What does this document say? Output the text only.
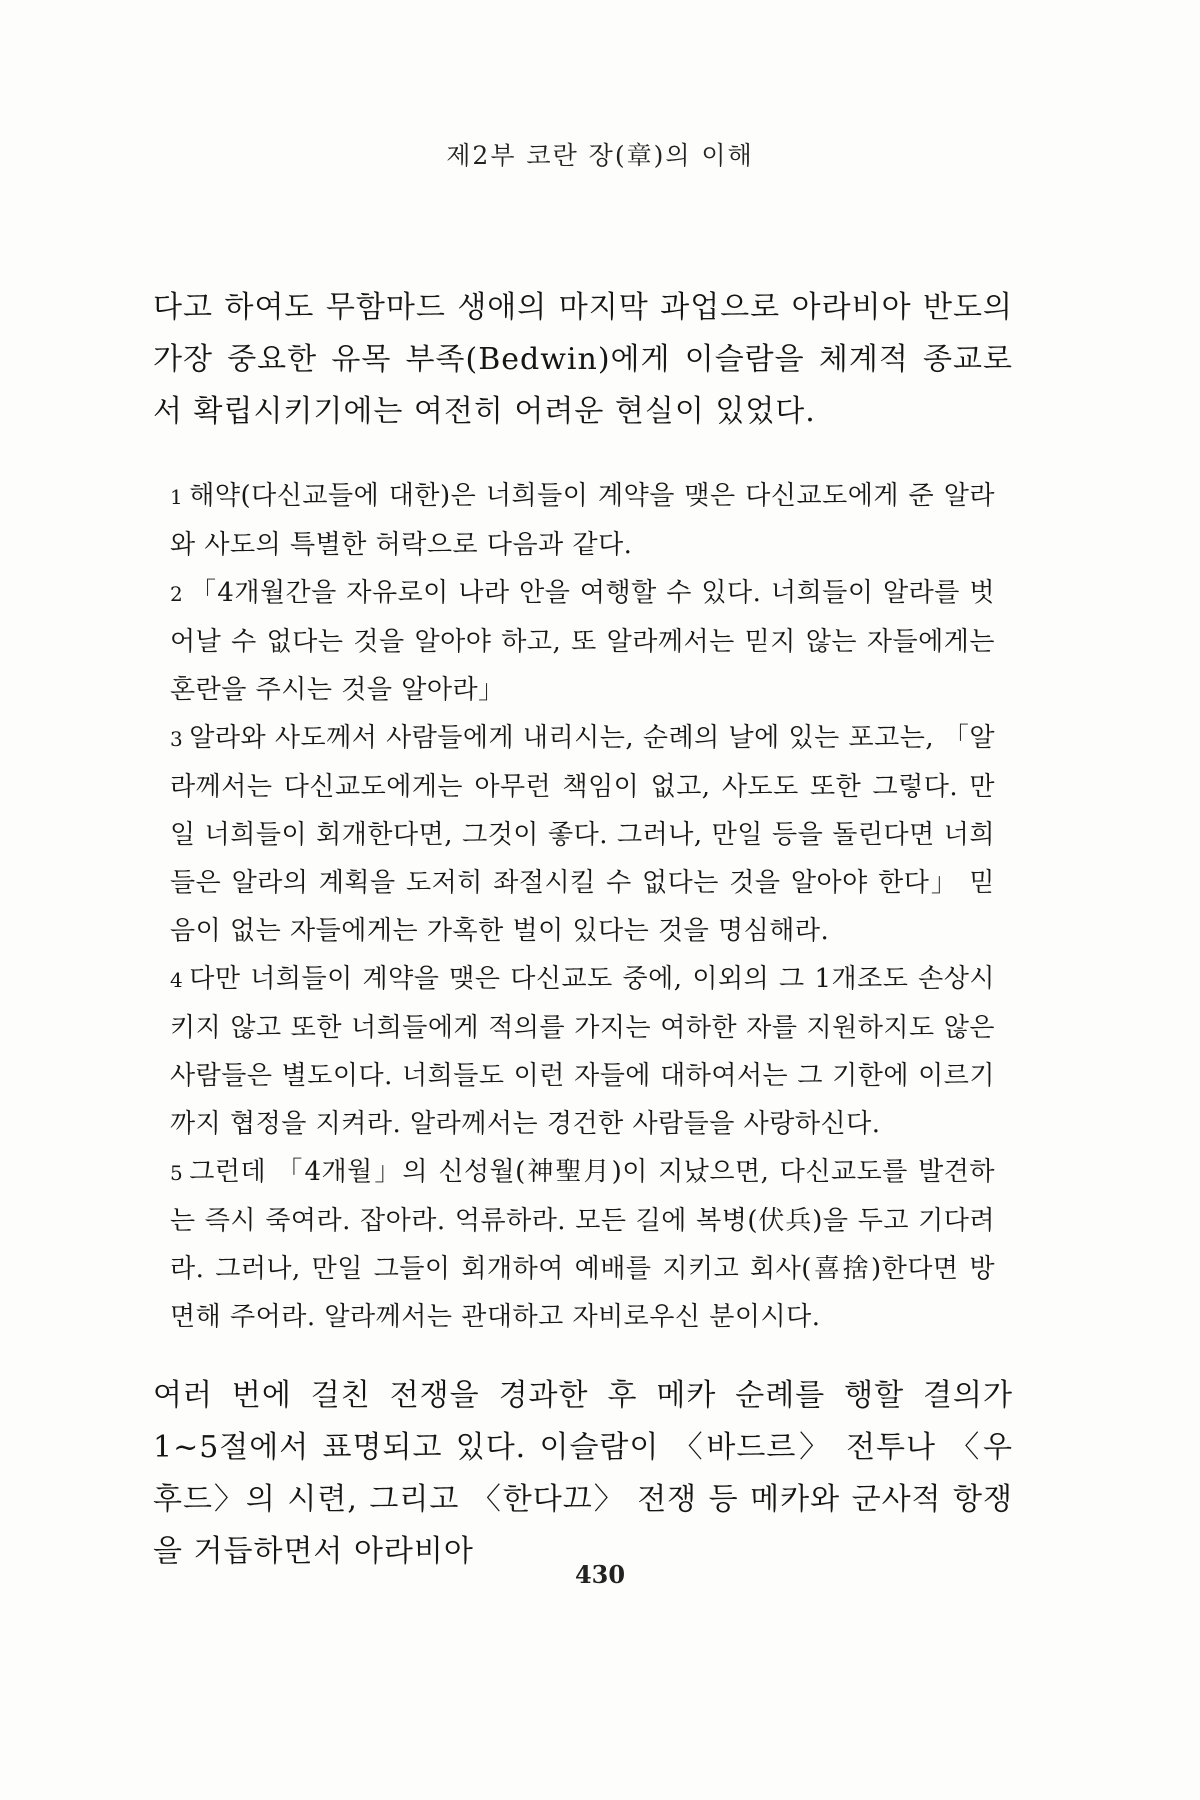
제2부 코란 장(章)의 이해

다고 하여도 무함마드 생애의 마지막 과업으로 아라비아 반도의 가장 중요한 유목 부족(Bedwin)에게 이슬람을 체계적 종교로서 확립시키기에는 여전히 어려운 현실이 있었다.

1 해약(다신교들에 대한)은 너희들이 계약을 맺은 다신교도에게 준 알라와 사도의 특별한 허락으로 다음과 같다.
2 「4개월간을 자유로이 나라 안을 여행할 수 있다. 너희들이 알라를 벗어날 수 없다는 것을 알아야 하고, 또 알라께서는 믿지 않는 자들에게는 혼란을 주시는 것을 알아라」
3 알라와 사도께서 사람들에게 내리시는, 순례의 날에 있는 포고는, 「알라께서는 다신교도에게는 아무런 책임이 없고, 사도도 또한 그렇다. 만일 너희들이 회개한다면, 그것이 좋다. 그러나, 만일 등을 돌린다면 너희들은 알라의 계획을 도저히 좌절시킬 수 없다는 것을 알아야 한다」 믿음이 없는 자들에게는 가혹한 벌이 있다는 것을 명심해라.
4 다만 너희들이 계약을 맺은 다신교도 중에, 이외의 그 1개조도 손상시키지 않고 또한 너희들에게 적의를 가지는 여하한 자를 지원하지도 않은 사람들은 별도이다. 너희들도 이런 자들에 대하여서는 그 기한에 이르기까지 협정을 지켜라. 알라께서는 경건한 사람들을 사랑하신다.
5 그런데 「4개월」의 신성월(神聖月)이 지났으면, 다신교도를 발견하는 즉시 죽여라. 잡아라. 억류하라. 모든 길에 복병(伏兵)을 두고 기다려라. 그러나, 만일 그들이 회개하여 예배를 지키고 회사(喜捨)한다면 방면해 주어라. 알라께서는 관대하고 자비로우신 분이시다.

여러 번에 걸친 전쟁을 경과한 후 메카 순례를 행할 결의가 1~5절에서 표명되고 있다. 이슬람이 〈바드르〉 전투나 〈우후드〉의 시련, 그리고 〈한다끄〉 전쟁 등 메카와 군사적 항쟁을 거듭하면서 아라비아

430
